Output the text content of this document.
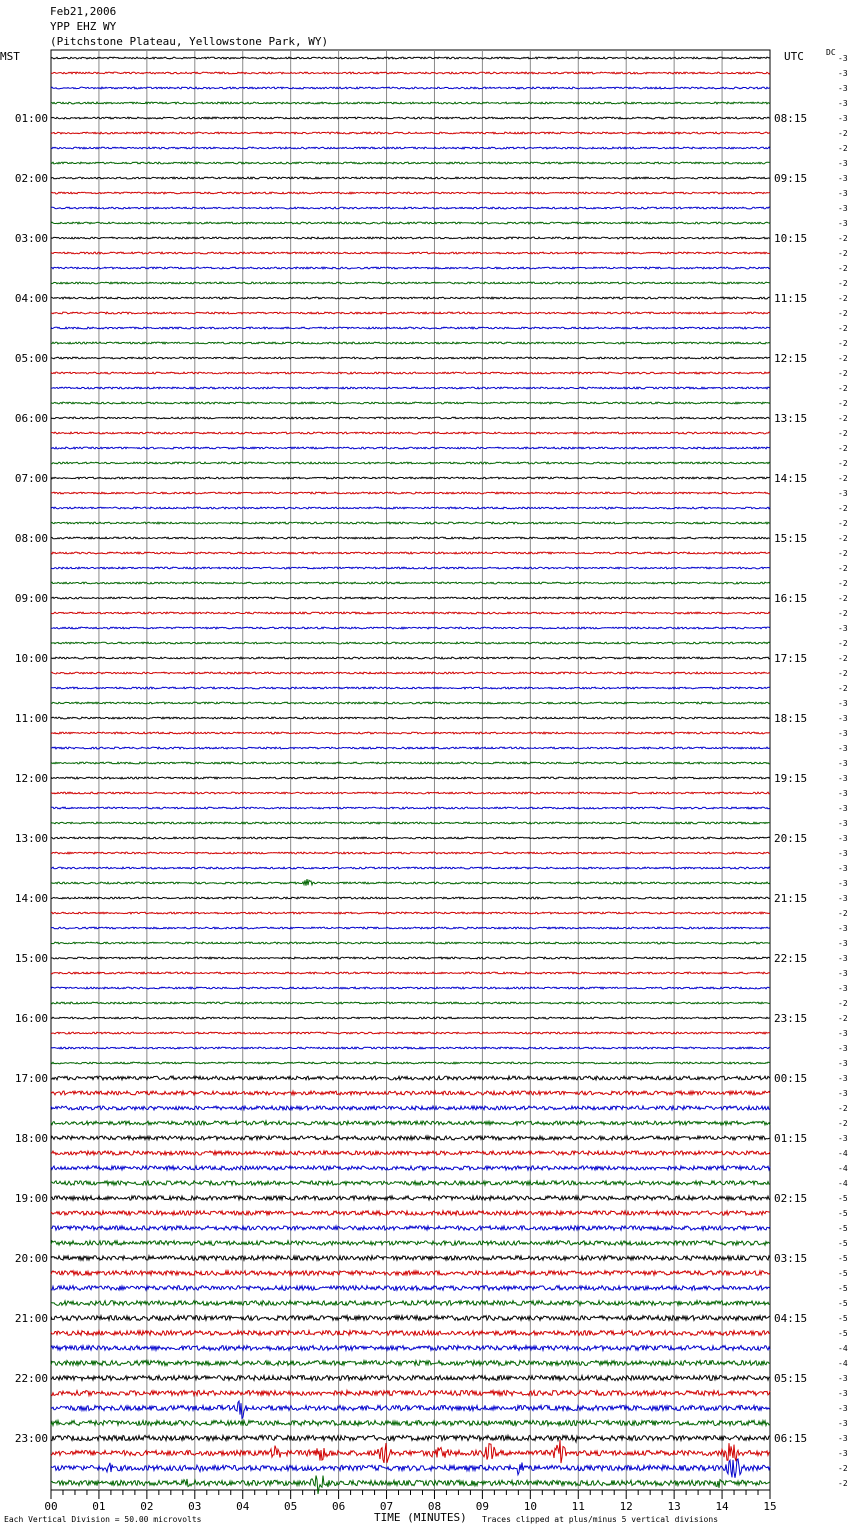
Feb21,2006
YPP EHZ WY
(Pitchstone Plateau, Yellowstone Park, WY)
MST	UTC	DC
00	01	02	03	04	05	06	07	08	09	10	11	12	13	14	15
-3
-3
-3
-3
-3
-2
-2
-3
-3
-3
-3
-3
-2
-2
-2
-2
-2
-2
-2
-2
-2
-2
-2
-2
-2
-2
-2
-2
-2
-3
-2
-2
-2
-2
-2
-2
-2
-2
-3
-2
-2
-2
-2
-3
-3
-3
-3
-3
-3
-3
-3
-3
-3
-3
-3
-3
-3
-2
-3
-3
-3
-3
-3
-2
-2
-3
-3
-3
-3
-3
-2
-2
-3
-4
-4
-4
-5
-5
-5
-5
-5
-5
-5
-5
-5
-5
-4
-4
-3
-3
-3
-3
-3
-3
-2
-2
01:00	08:15
02:00	09:15
03:00	10:15
04:00	11:15
05:00	12:15
06:00	13:15
07:00	14:15
08:00	15:15
09:00	16:15
10:00	17:15
11:00	18:15
12:00	19:15
13:00	20:15
14:00	21:15
15:00	22:15
16:00	23:15
17:00	00:15
18:00	01:15
19:00	02:15
20:00	03:15
21:00	04:15
22:00	05:15
23:00	06:15
Each Vertical Division = 50.00 microvolts	TIME (MINUTES) Traces clipped at plus/minus 5 vertical divisions
